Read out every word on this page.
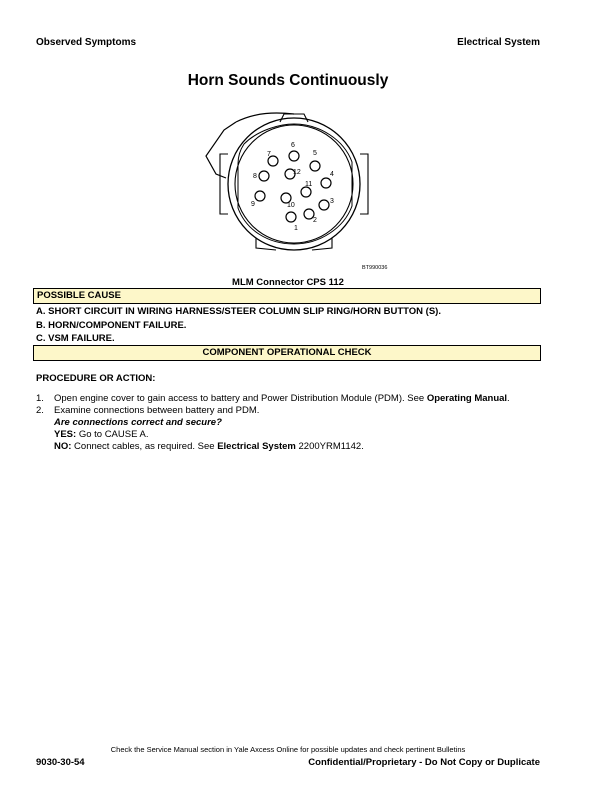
Observed Symptoms	Electrical System
Horn Sounds Continuously
1
2
3
4
5
6
7
8
9	10
11
12
BT990036
MLM Connector CPS 112
POSSIBLE CAUSE
A. SHORT CIRCUIT IN WIRING HARNESS/STEER COLUMN SLIP RING/HORN BUTTON (S).
B. HORN/COMPONENT FAILURE.
C. VSM FAILURE.
COMPONENT OPERATIONAL CHECK
PROCEDURE OR ACTION:
1. Open engine cover to gain access to battery and Power Distribution Module (PDM). See Operating Manual.
2. Examine connections between battery and PDM.
Are connections correct and secure?
YES: Go to CAUSE A.
NO: Connect cables, as required. See Electrical System 2200YRM1142.
Check the Service Manual section in Yale Axcess Online for possible updates and check pertinent Bulletins
9030-30-54	Confidential/Proprietary - Do Not Copy or Duplicate
